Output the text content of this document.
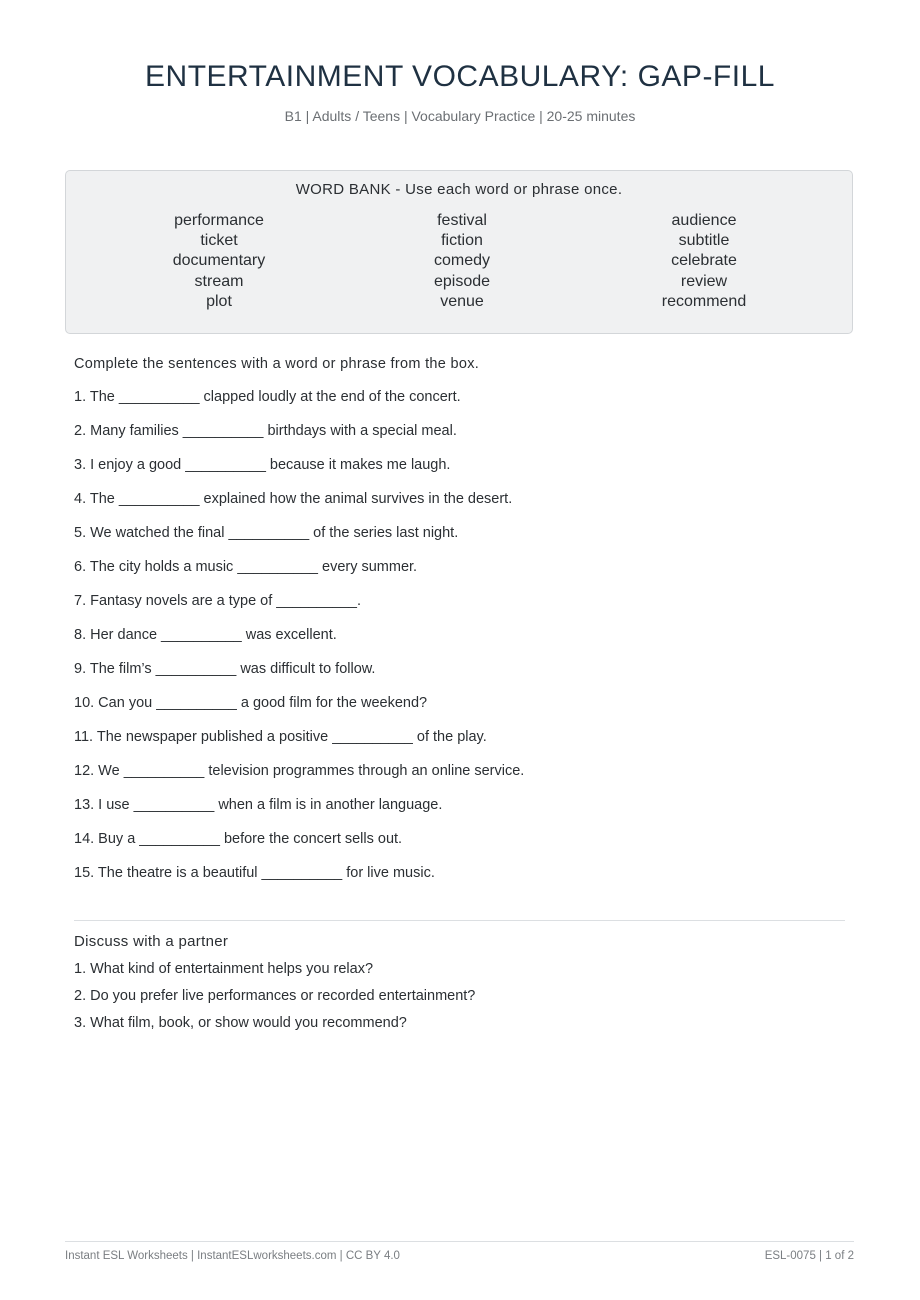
ENTERTAINMENT VOCABULARY: GAP-FILL
B1 | Adults / Teens | Vocabulary Practice | 20-25 minutes
WORD BANK - Use each word or phrase once.
performance
ticket
documentary
stream
plot
festival
fiction
comedy
episode
venue
audience
subtitle
celebrate
review
recommend
Complete the sentences with a word or phrase from the box.
1. The __________ clapped loudly at the end of the concert.
2. Many families __________ birthdays with a special meal.
3. I enjoy a good __________ because it makes me laugh.
4. The __________ explained how the animal survives in the desert.
5. We watched the final __________ of the series last night.
6. The city holds a music __________ every summer.
7. Fantasy novels are a type of __________.
8. Her dance __________ was excellent.
9. The film’s __________ was difficult to follow.
10. Can you __________ a good film for the weekend?
11. The newspaper published a positive __________ of the play.
12. We __________ television programmes through an online service.
13. I use __________ when a film is in another language.
14. Buy a __________ before the concert sells out.
15. The theatre is a beautiful __________ for live music.
Discuss with a partner
1. What kind of entertainment helps you relax?
2. Do you prefer live performances or recorded entertainment?
3. What film, book, or show would you recommend?
Instant ESL Worksheets | InstantESLworksheets.com | CC BY 4.0	ESL-0075 | 1 of 2
